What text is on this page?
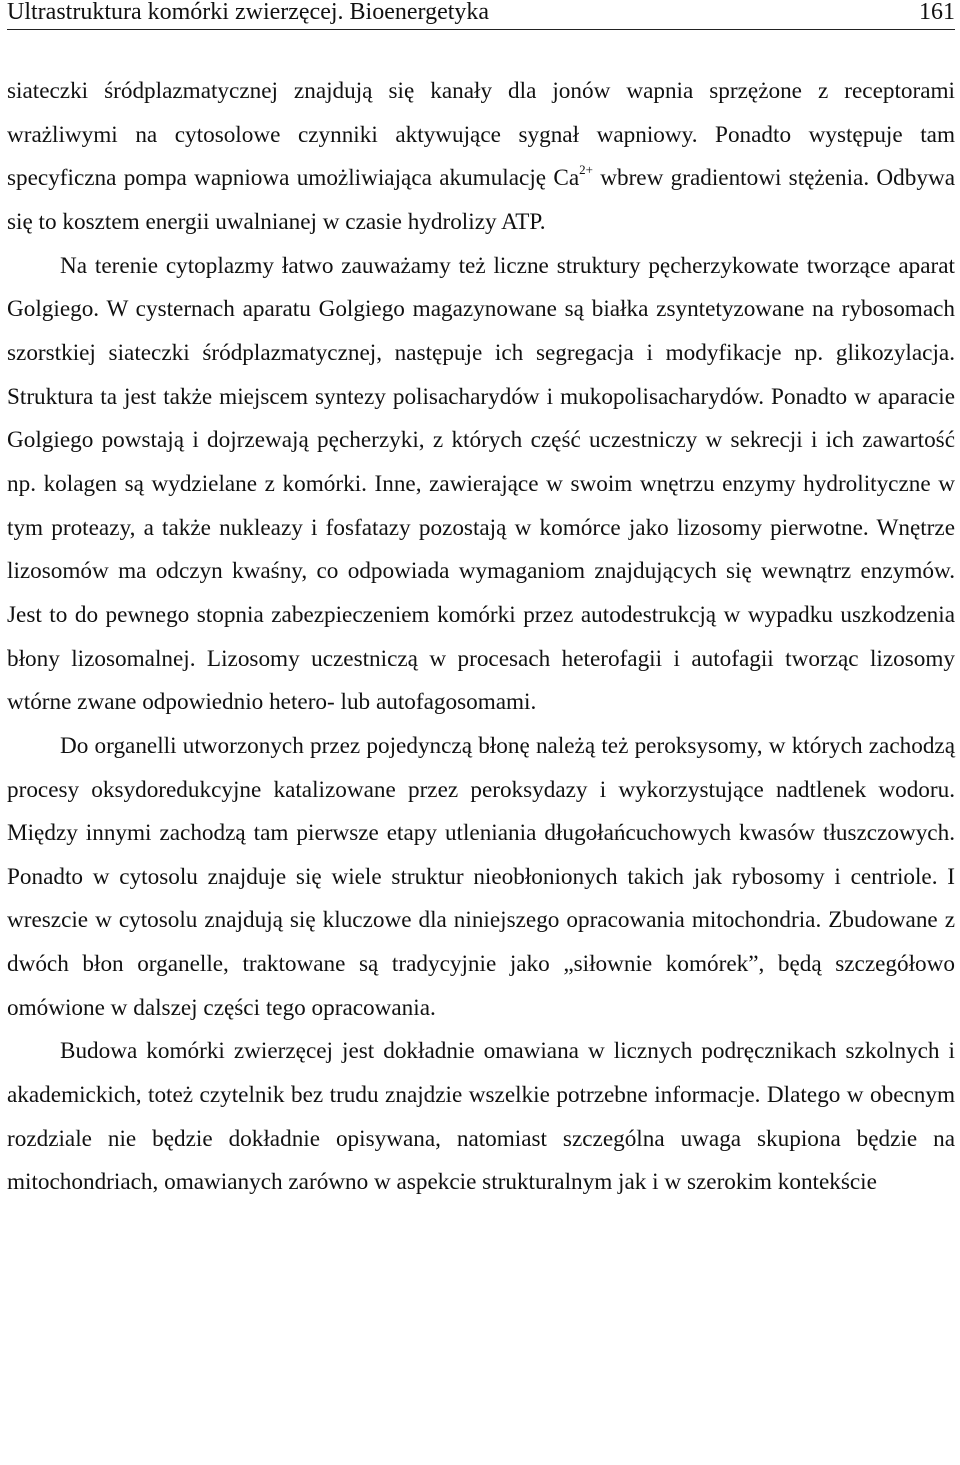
Ultrastruktura komórki zwierzęcej. Bioenergetyka	161

siateczki śródplazmatycznej znajdują się kanały dla jonów wapnia sprzężone z receptorami wrażliwymi na cytosolowe czynniki aktywujące sygnał wapniowy. Ponadto występuje tam specyficzna pompa wapniowa umożliwiająca akumulację $Ca^{2+}$ wbrew gradientowi stężenia. Odbywa się to kosztem energii uwalnianej w czasie hydrolizy ATP.

Na terenie cytoplazmy łatwo zauważamy też liczne struktury pęcherzykowate tworzące aparat Golgiego. W cysternach aparatu Golgiego magazynowane są białka zsyntetyzowane na rybosomach szorstkiej siateczki śródplazmatycznej, następuje ich segregacja i modyfikacje np. glikozylacja. Struktura ta jest także miejscem syntezy polisacharydów i mukopolisacharydów. Ponadto w aparacie Golgiego powstają i dojrzewają pęcherzyki, z których część uczestniczy w sekrecji i ich zawartość np. kolagen są wydzielane z komórki. Inne, zawierające w swoim wnętrzu enzymy hydrolityczne w tym proteazy, a także nukleazy i fosfatazy pozostają w komórce jako lizosomy pierwotne. Wnętrze lizosomów ma odczyn kwaśny, co odpowiada wymaganiom znajdujących się wewnątrz enzymów. Jest to do pewnego stopnia zabezpieczeniem komórki przez autodestrukcją w wypadku uszkodzenia błony lizosomalnej. Lizosomy uczestniczą w procesach heterofagii i autofagii tworząc lizosomy wtórne zwane odpowiednio hetero- lub autofagosomami.

Do organelli utworzonych przez pojedynczą błonę należą też peroksysomy, w których zachodzą procesy oksydoredukcyjne katalizowane przez peroksydazy i wykorzystujące nadtlenek wodoru. Między innymi zachodzą tam pierwsze etapy utleniania długołańcuchowych kwasów tłuszczowych. Ponadto w cytosolu znajduje się wiele struktur nieobłonionych takich jak rybosomy i centriole. I wreszcie w cytosolu znajdują się kluczowe dla niniejszego opracowania mitochondria. Zbudowane z dwóch błon organelle, traktowane są tradycyjnie jako „siłownie komórek”, będą szczegółowo omówione w dalszej części tego opracowania.

Budowa komórki zwierzęcej jest dokładnie omawiana w licznych podręcznikach szkolnych i akademickich, toteż czytelnik bez trudu znajdzie wszelkie potrzebne informacje. Dlatego w obecnym rozdziale nie będzie dokładnie opisywana, natomiast szczególna uwaga skupiona będzie na mitochondriach, omawianych zarówno w aspekcie strukturalnym jak i w szerokim kontekście
